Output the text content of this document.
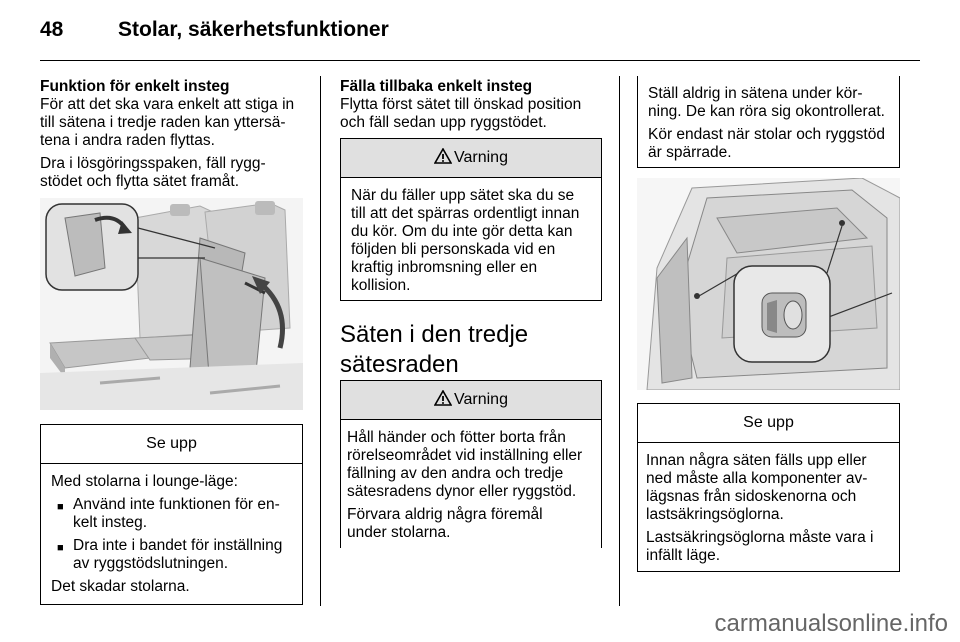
48	Stolar, säkerhetsfunktioner

Funktion för enkelt insteg

För att det ska vara enkelt att stiga in
till sätena i tredje raden kan yttersä-
tena i andra raden flyttas.

Dra i lösgöringsspaken, fäll rygg-
stödet och flytta sätet framåt.

Se upp

Med stolarna i lounge-läge:

■ Använd inte funktionen för en-
kelt insteg.
■ Dra inte i bandet för inställning
av ryggstödslutningen.

Det skadar stolarna.

Fälla tillbaka enkelt insteg

Flytta först sätet till önskad position
och fäll sedan upp ryggstödet.

Varning

När du fäller upp sätet ska du se
till att det spärras ordentligt innan
du kör. Om du inte gör detta kan
följden bli personskada vid en
kraftig inbromsning eller en
kollision.

Säten i den tredje
sätesraden
Varning

Håll händer och fötter borta från
rörelseområdet vid inställning eller
fällning av den andra och tredje
sätesradens dynor eller ryggstöd.

Förvara aldrig några föremål
under stolarna.

Ställ aldrig in sätena under kör-
ning. De kan röra sig okontrollerat.

Kör endast när stolar och ryggstöd
är spärrade.

Se upp

Innan några säten fälls upp eller
ned måste alla komponenter av-
lägsnas från sidoskenorna och
lastsäkringsöglorna.

Lastsäkringsöglorna måste vara i
infällt läge.

carmanualsonline.info
